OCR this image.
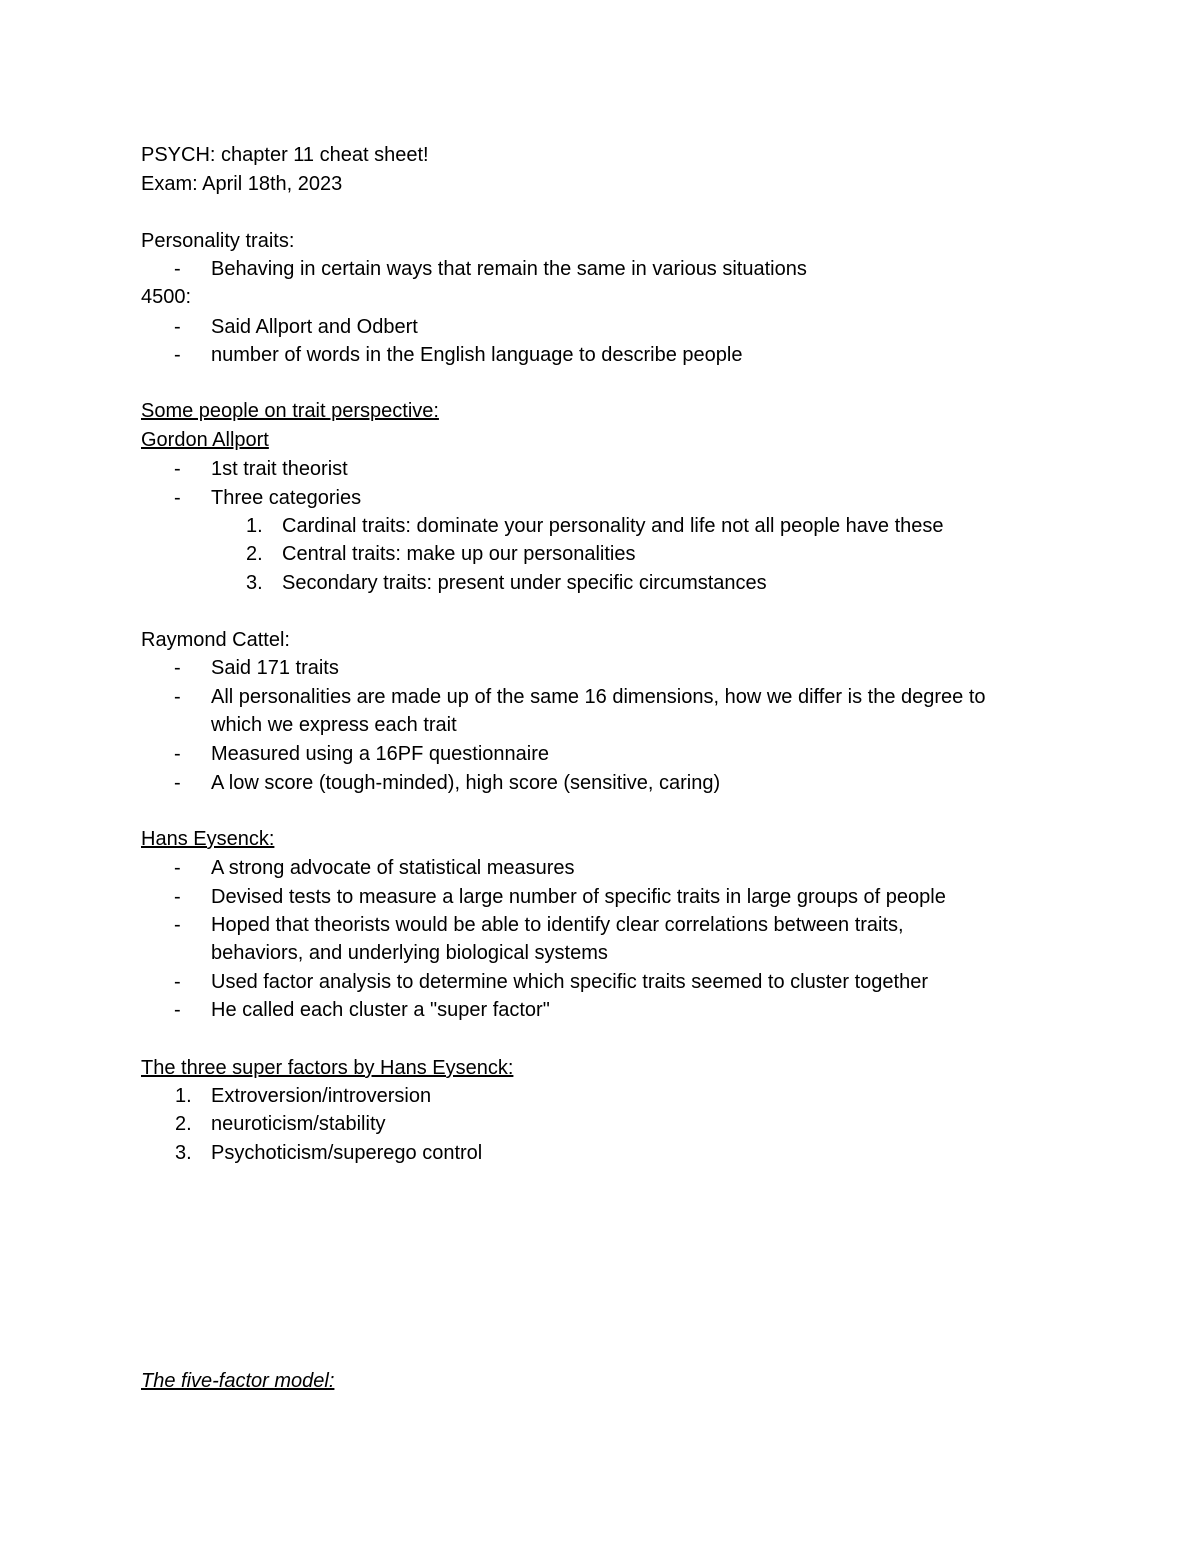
PSYCH: chapter 11 cheat sheet!
Exam: April 18th, 2023
Personality traits:
- Behaving in certain ways that remain the same in various situations
4500:
- Said Allport and Odbert
- number of words in the English language to describe people
Some people on trait perspective:
Gordon Allport
- 1st trait theorist
- Three categories
1. Cardinal traits: dominate your personality and life not all people have these
2. Central traits: make up our personalities
3. Secondary traits: present under specific circumstances
Raymond Cattel:
- Said 171 traits
- All personalities are made up of the same 16 dimensions, how we differ is the degree to
which we express each trait
- Measured using a 16PF questionnaire
- A low score (tough-minded), high score (sensitive, caring)
Hans Eysenck:
- A strong advocate of statistical measures
- Devised tests to measure a large number of specific traits in large groups of people
- Hoped that theorists would be able to identify clear correlations between traits,
behaviors, and underlying biological systems
- Used factor analysis to determine which specific traits seemed to cluster together
- He called each cluster a "super factor"
The three super factors by Hans Eysenck:
1. Extroversion/introversion
2. neuroticism/stability
3. Psychoticism/superego control
The five-factor model:
